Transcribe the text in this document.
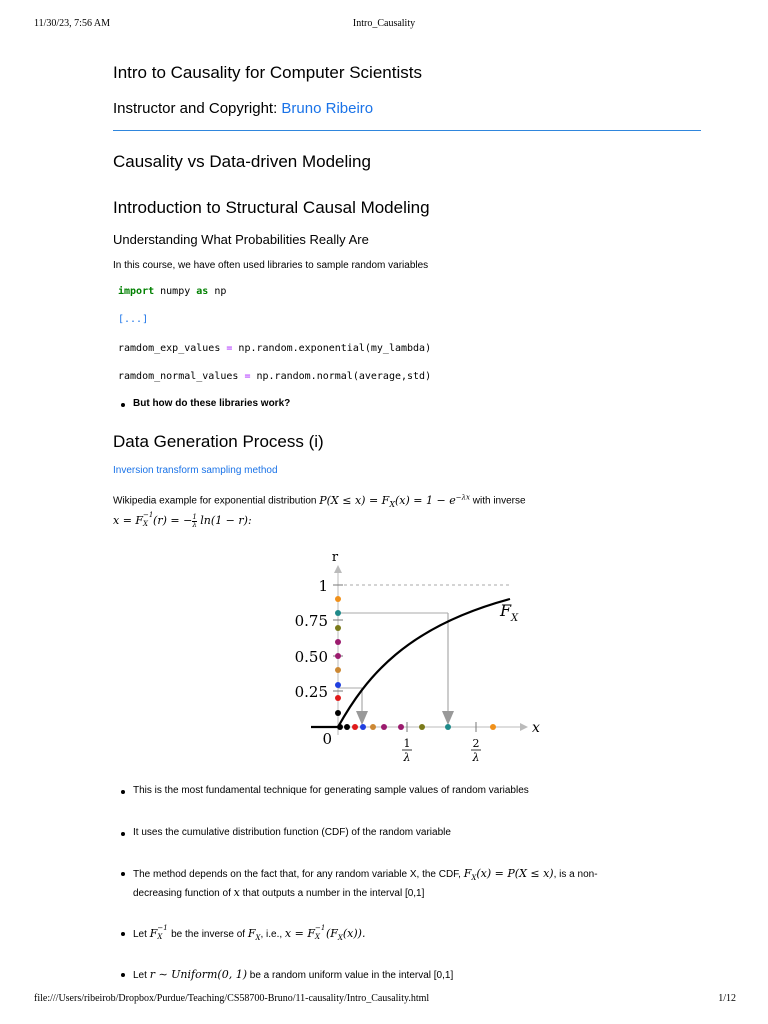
11/30/23, 7:56 AM	Intro_Causality
Intro to Causality for Computer Scientists
Instructor and Copyright: Bruno Ribeiro
Causality vs Data-driven Modeling
Introduction to Structural Causal Modeling
Understanding What Probabilities Really Are
In this course, we have often used libraries to sample random variables
import numpy as np
[...]
ramdom_exp_values = np.random.exponential(my_lambda)
ramdom_normal_values = np.random.normal(average,std)
But how do these libraries work?
Data Generation Process (i)
Inversion transform sampling method
Wikipedia example for exponential distribution $P(X \le x) = F_X(x) = 1 - e^{-\lambda x}$ with inverse
x = F −1
X (r) = − $\frac{1}{\lambda} \ln(1 - r)$:
r
x
1
0.75
0.50
0.25
0
F X
1
λ
2
λ
This is the most fundamental technique for generating sample values of random variables
It uses the cumulative distribution function (CDF) of the random variable
The method depends on the fact that, for any random variable X, the CDF, $F_X(x) = P(X \le x)$, is a non-
decreasing function of x that outputs a number in the interval [0,1]
Let F −1
X be the inverse of $F_X$, i.e., x = F −1
X $(F_X(x))$.
Let r ∼ Uniform(0, 1) be a random uniform value in the interval [0,1]
file:///Users/ribeirob/Dropbox/Purdue/Teaching/CS58700-Bruno/11-causality/Intro_Causality.html	1/12
